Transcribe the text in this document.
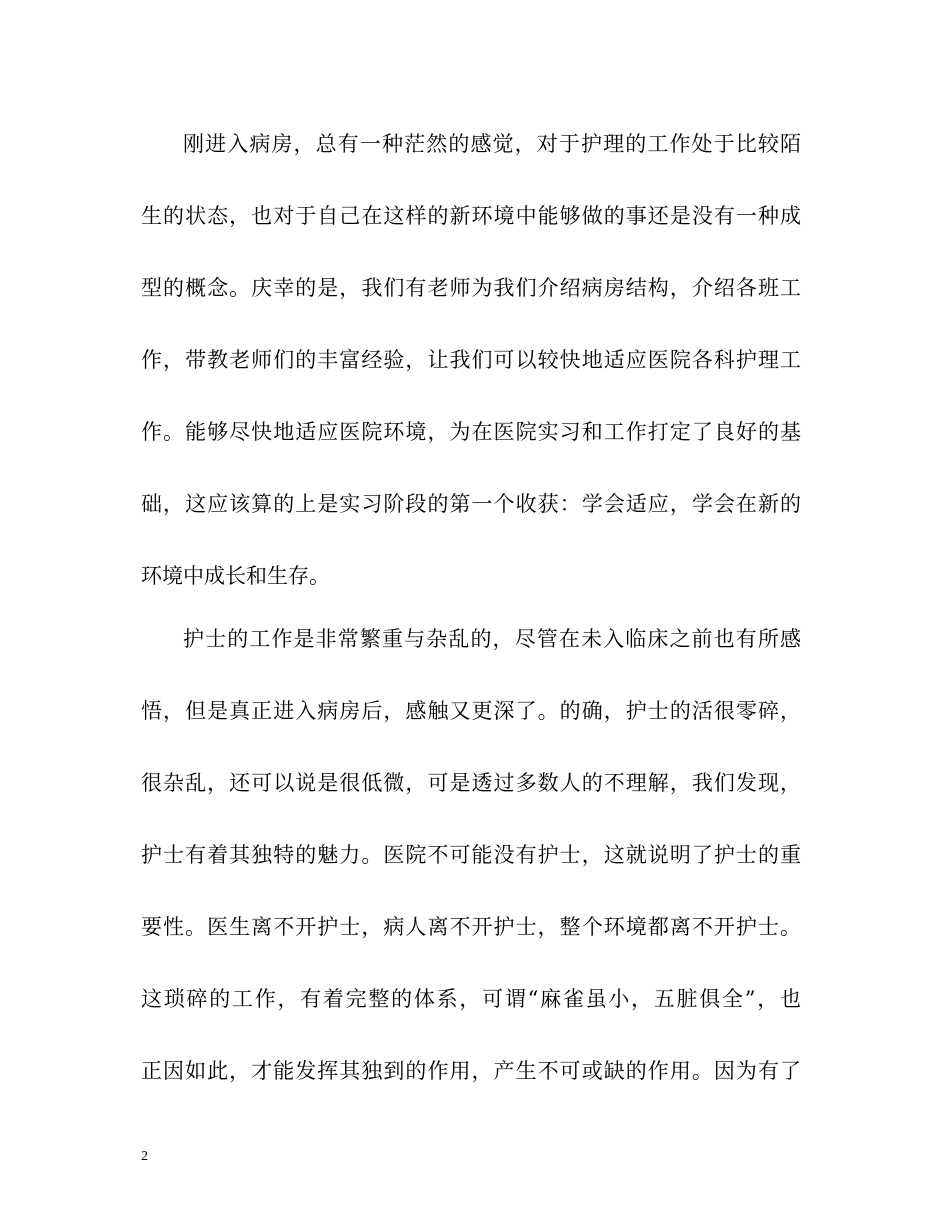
刚进入病房，总有一种茫然的感觉，对于护理的工作处于比较陌
生的状态，也对于自己在这样的新环境中能够做的事还是没有一种成
型的概念。庆幸的是，我们有老师为我们介绍病房结构，介绍各班工
作，带教老师们的丰富经验，让我们可以较快地适应医院各科护理工
作。能够尽快地适应医院环境，为在医院实习和工作打定了良好的基
础，这应该算的上是实习阶段的第一个收获：学会适应，学会在新的
环境中成长和生存。
护士的工作是非常繁重与杂乱的，尽管在未入临床之前也有所感
悟，但是真正进入病房后，感触又更深了。的确，护士的活很零碎，
很杂乱，还可以说是很低微，可是透过多数人的不理解，我们发现，
护士有着其独特的魅力。医院不可能没有护士，这就说明了护士的重
要性。医生离不开护士，病人离不开护士，整个环境都离不开护士。
这琐碎的工作，有着完整的体系，可谓“麻雀虽小，五脏俱全”，也
正因如此，才能发挥其独到的作用，产生不可或缺的作用。因为有了
2
